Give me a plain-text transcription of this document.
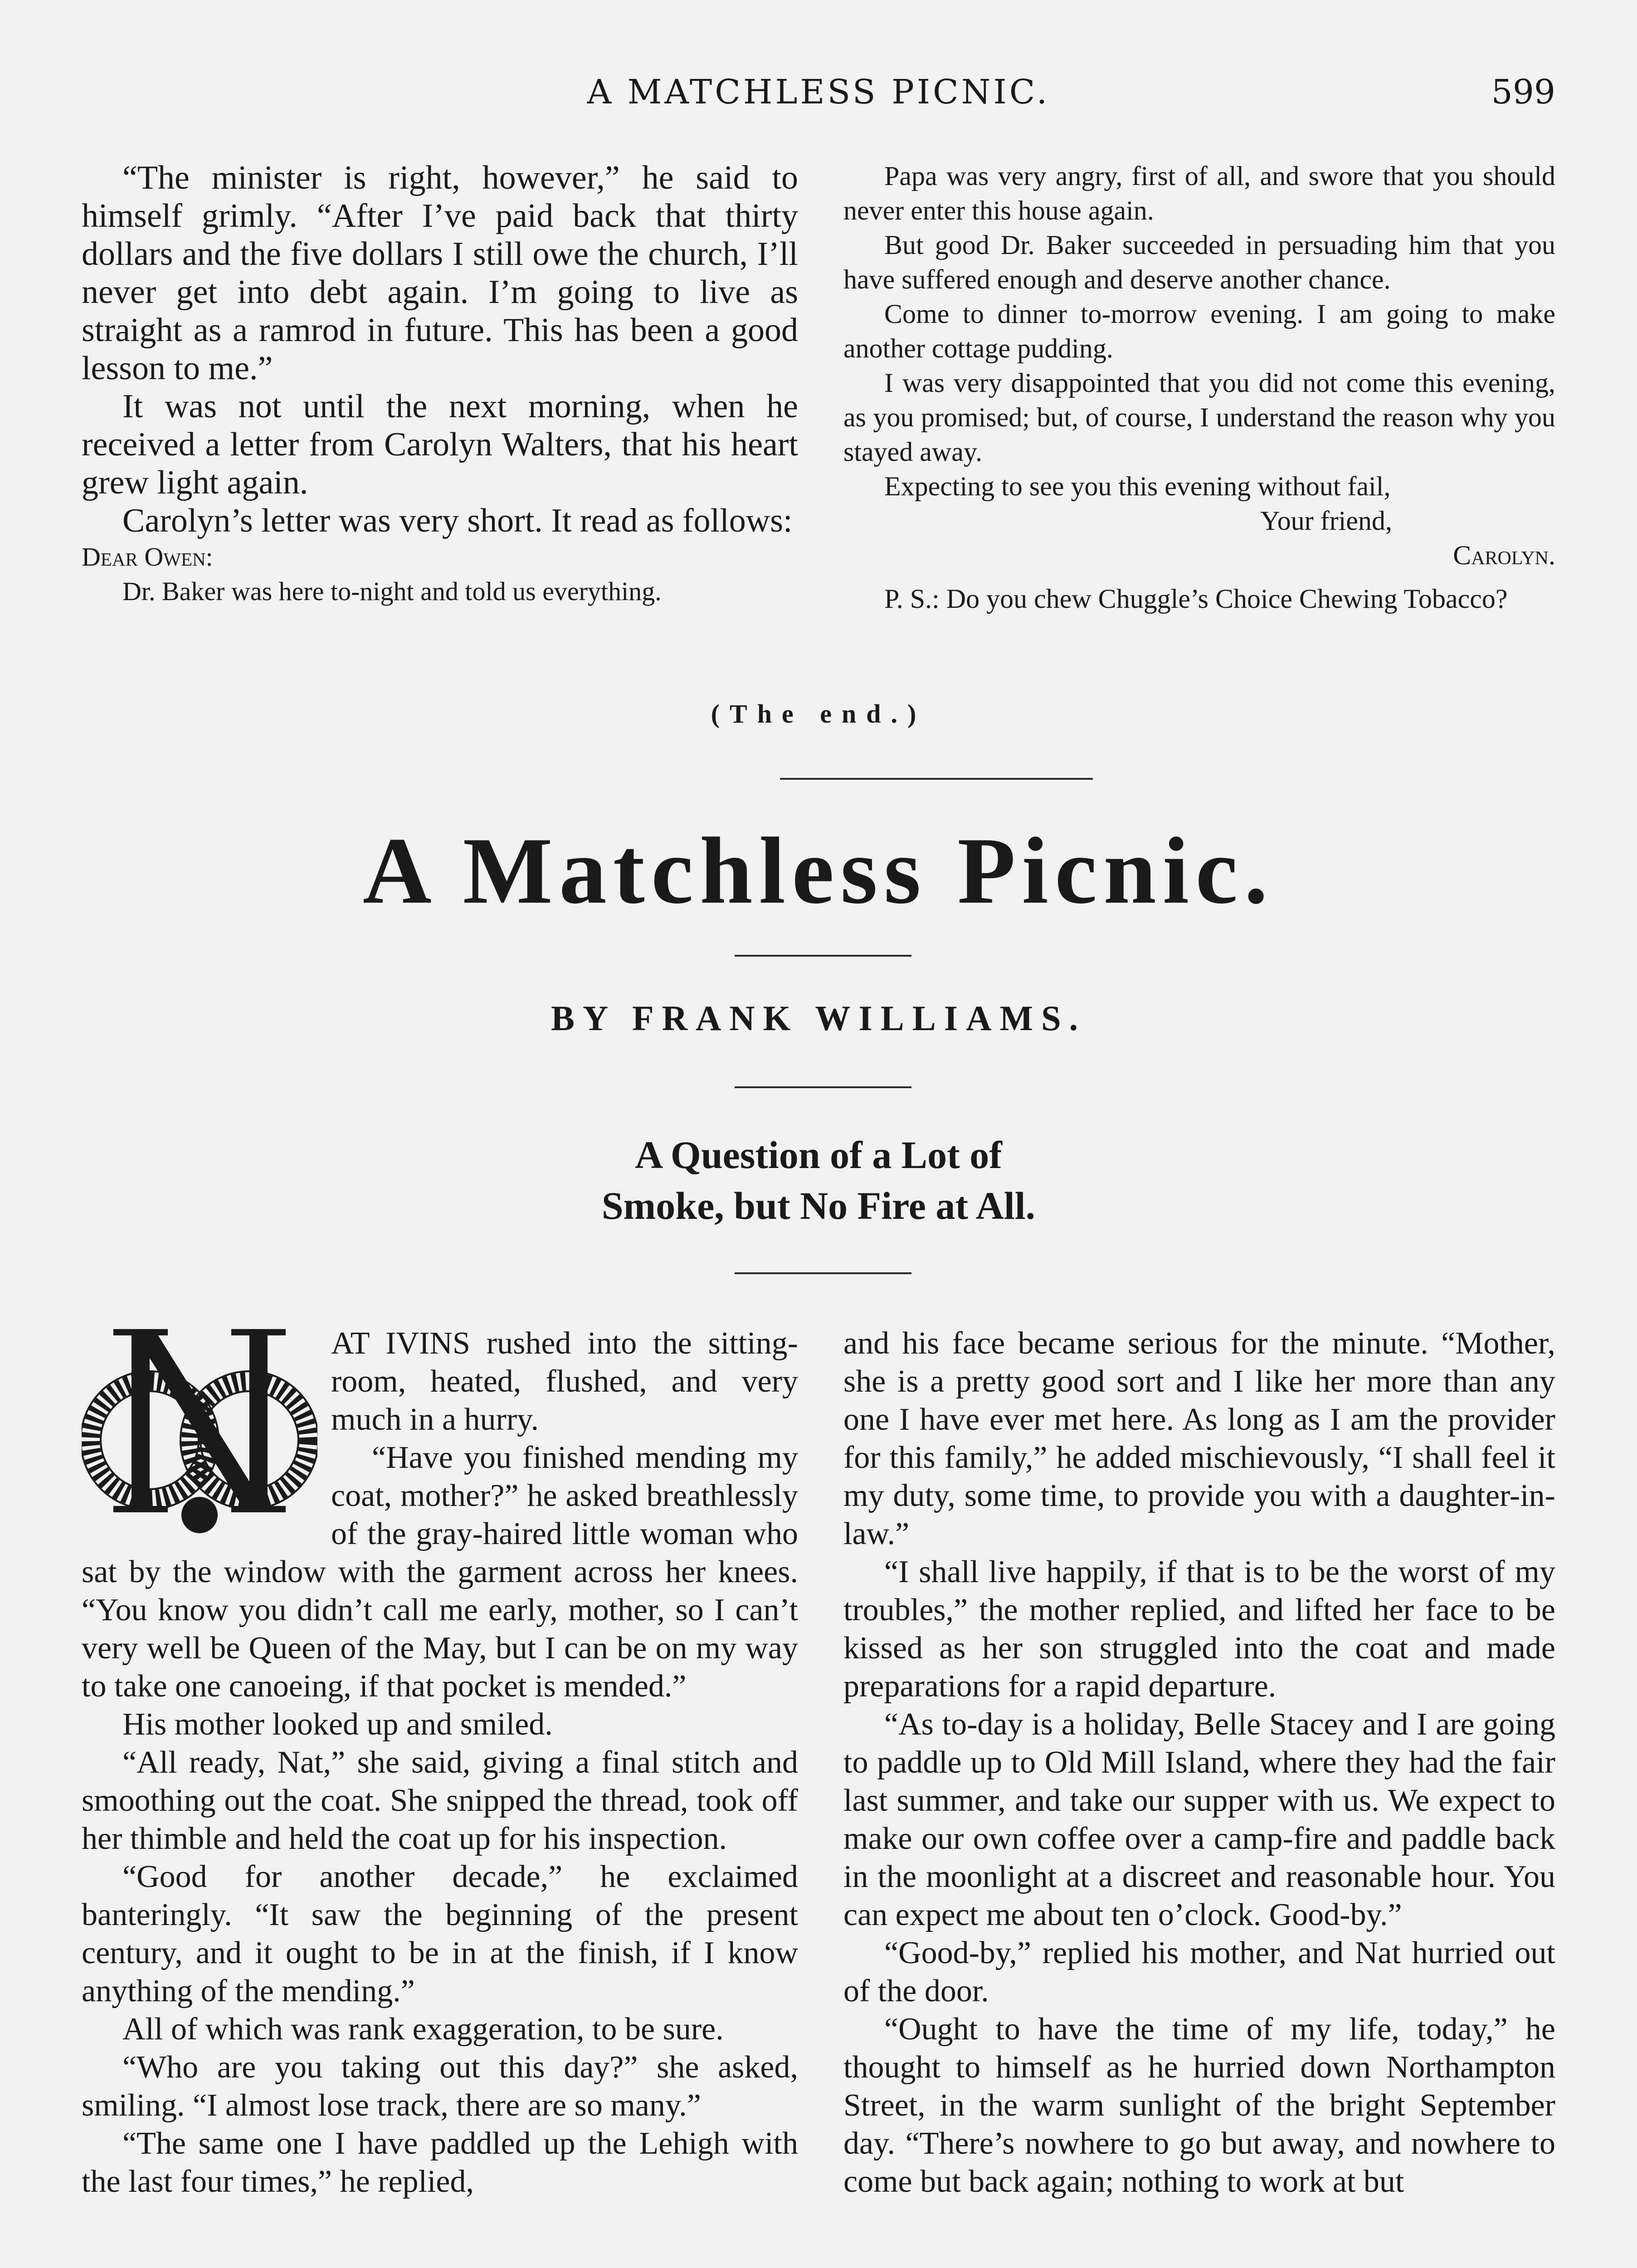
A MATCHLESS PICNIC.	599

“The minister is right, however,” he said to himself grimly. “After I’ve paid back that thirty dollars and the five dollars I still owe the church, I’ll never get into debt again. I’m going to live as straight as a ramrod in future. This has been a good lesson to me.”

It was not until the next morning, when he received a letter from Carolyn Walters, that his heart grew light again.

Carolyn’s letter was very short. It read as follows:

Dear Owen:

Dr. Baker was here to-night and told us everything.

Papa was very angry, first of all, and swore that you should never enter this house again.

But good Dr. Baker succeeded in persuading him that you have suffered enough and deserve another chance.

Come to dinner to-morrow evening. I am going to make another cottage pudding.

I was very disappointed that you did not come this evening, as you promised; but, of course, I understand the reason why you stayed away.

Expecting to see you this evening without fail,

Your friend,

Carolyn.

P. S.: Do you chew Chuggle’s Choice Chewing Tobacco?

(The end.)
A Matchless Picnic.
BY FRANK WILLIAMS.
A Question of a Lot of
Smoke, but No Fire at All.

AT IVINS rushed into the sitting-room, heated, flushed, and very much in a hurry.

“Have you finished mending my coat, mother?” he asked breathlessly of the gray-haired little woman who sat by the window with the garment across her knees. “You know you didn’t call me early, mother, so I can’t very well be Queen of the May, but I can be on my way to take one canoeing, if that pocket is mended.”

His mother looked up and smiled.

“All ready, Nat,” she said, giving a final stitch and smoothing out the coat. She snipped the thread, took off her thimble and held the coat up for his inspection.

“Good for another decade,” he exclaimed banteringly. “It saw the beginning of the present century, and it ought to be in at the finish, if I know anything of the mending.”

All of which was rank exaggeration, to be sure.

“Who are you taking out this day?” she asked, smiling. “I almost lose track, there are so many.”

“The same one I have paddled up the Lehigh with the last four times,” he replied,

and his face became serious for the minute. “Mother, she is a pretty good sort and I like her more than any one I have ever met here. As long as I am the provider for this family,” he added mischievously, “I shall feel it my duty, some time, to provide you with a daughter-in-law.”

“I shall live happily, if that is to be the worst of my troubles,” the mother replied, and lifted her face to be kissed as her son struggled into the coat and made preparations for a rapid departure.

“As to-day is a holiday, Belle Stacey and I are going to paddle up to Old Mill Island, where they had the fair last summer, and take our supper with us. We expect to make our own coffee over a camp-fire and paddle back in the moonlight at a discreet and reasonable hour. You can expect me about ten o’clock. Good-by.”

“Good-by,” replied his mother, and Nat hurried out of the door.

“Ought to have the time of my life, today,” he thought to himself as he hurried down Northampton Street, in the warm sunlight of the bright September day. “There’s nowhere to go but away, and nowhere to come but back again; nothing to work at but
